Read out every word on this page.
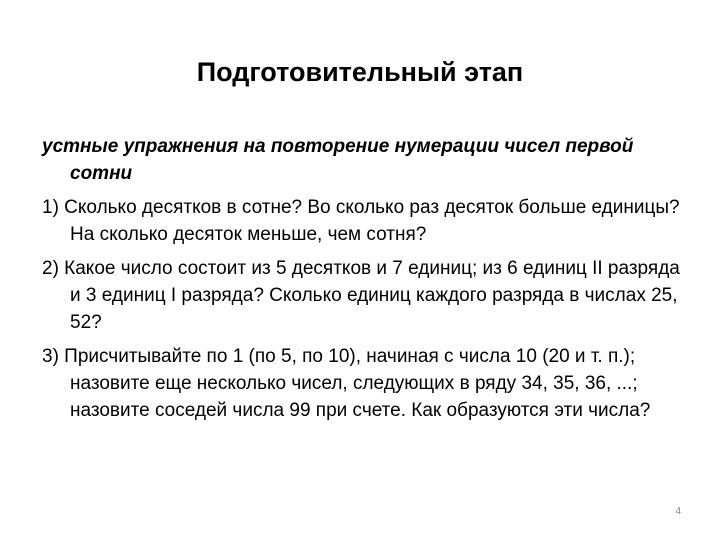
Подготовительный этап

устные упражнения на повторение нумерации чисел первой сотни

1) Сколько десятков в сотне? Во сколько раз десяток больше единицы? На сколько десяток меньше, чем сотня?

2) Какое число состоит из 5 десятков и 7 единиц; из 6 единиц II разряда и 3 единиц I разряда? Сколько единиц каждого разряда в числах 25, 52?

3) Присчитывайте по 1 (по 5, по 10), начиная с числа 10 (20 и т. п.); назовите еще несколько чисел, следующих в ряду 34, 35, 36, ...; назовите соседей числа 99 при счете. Как образуются эти числа?

4
